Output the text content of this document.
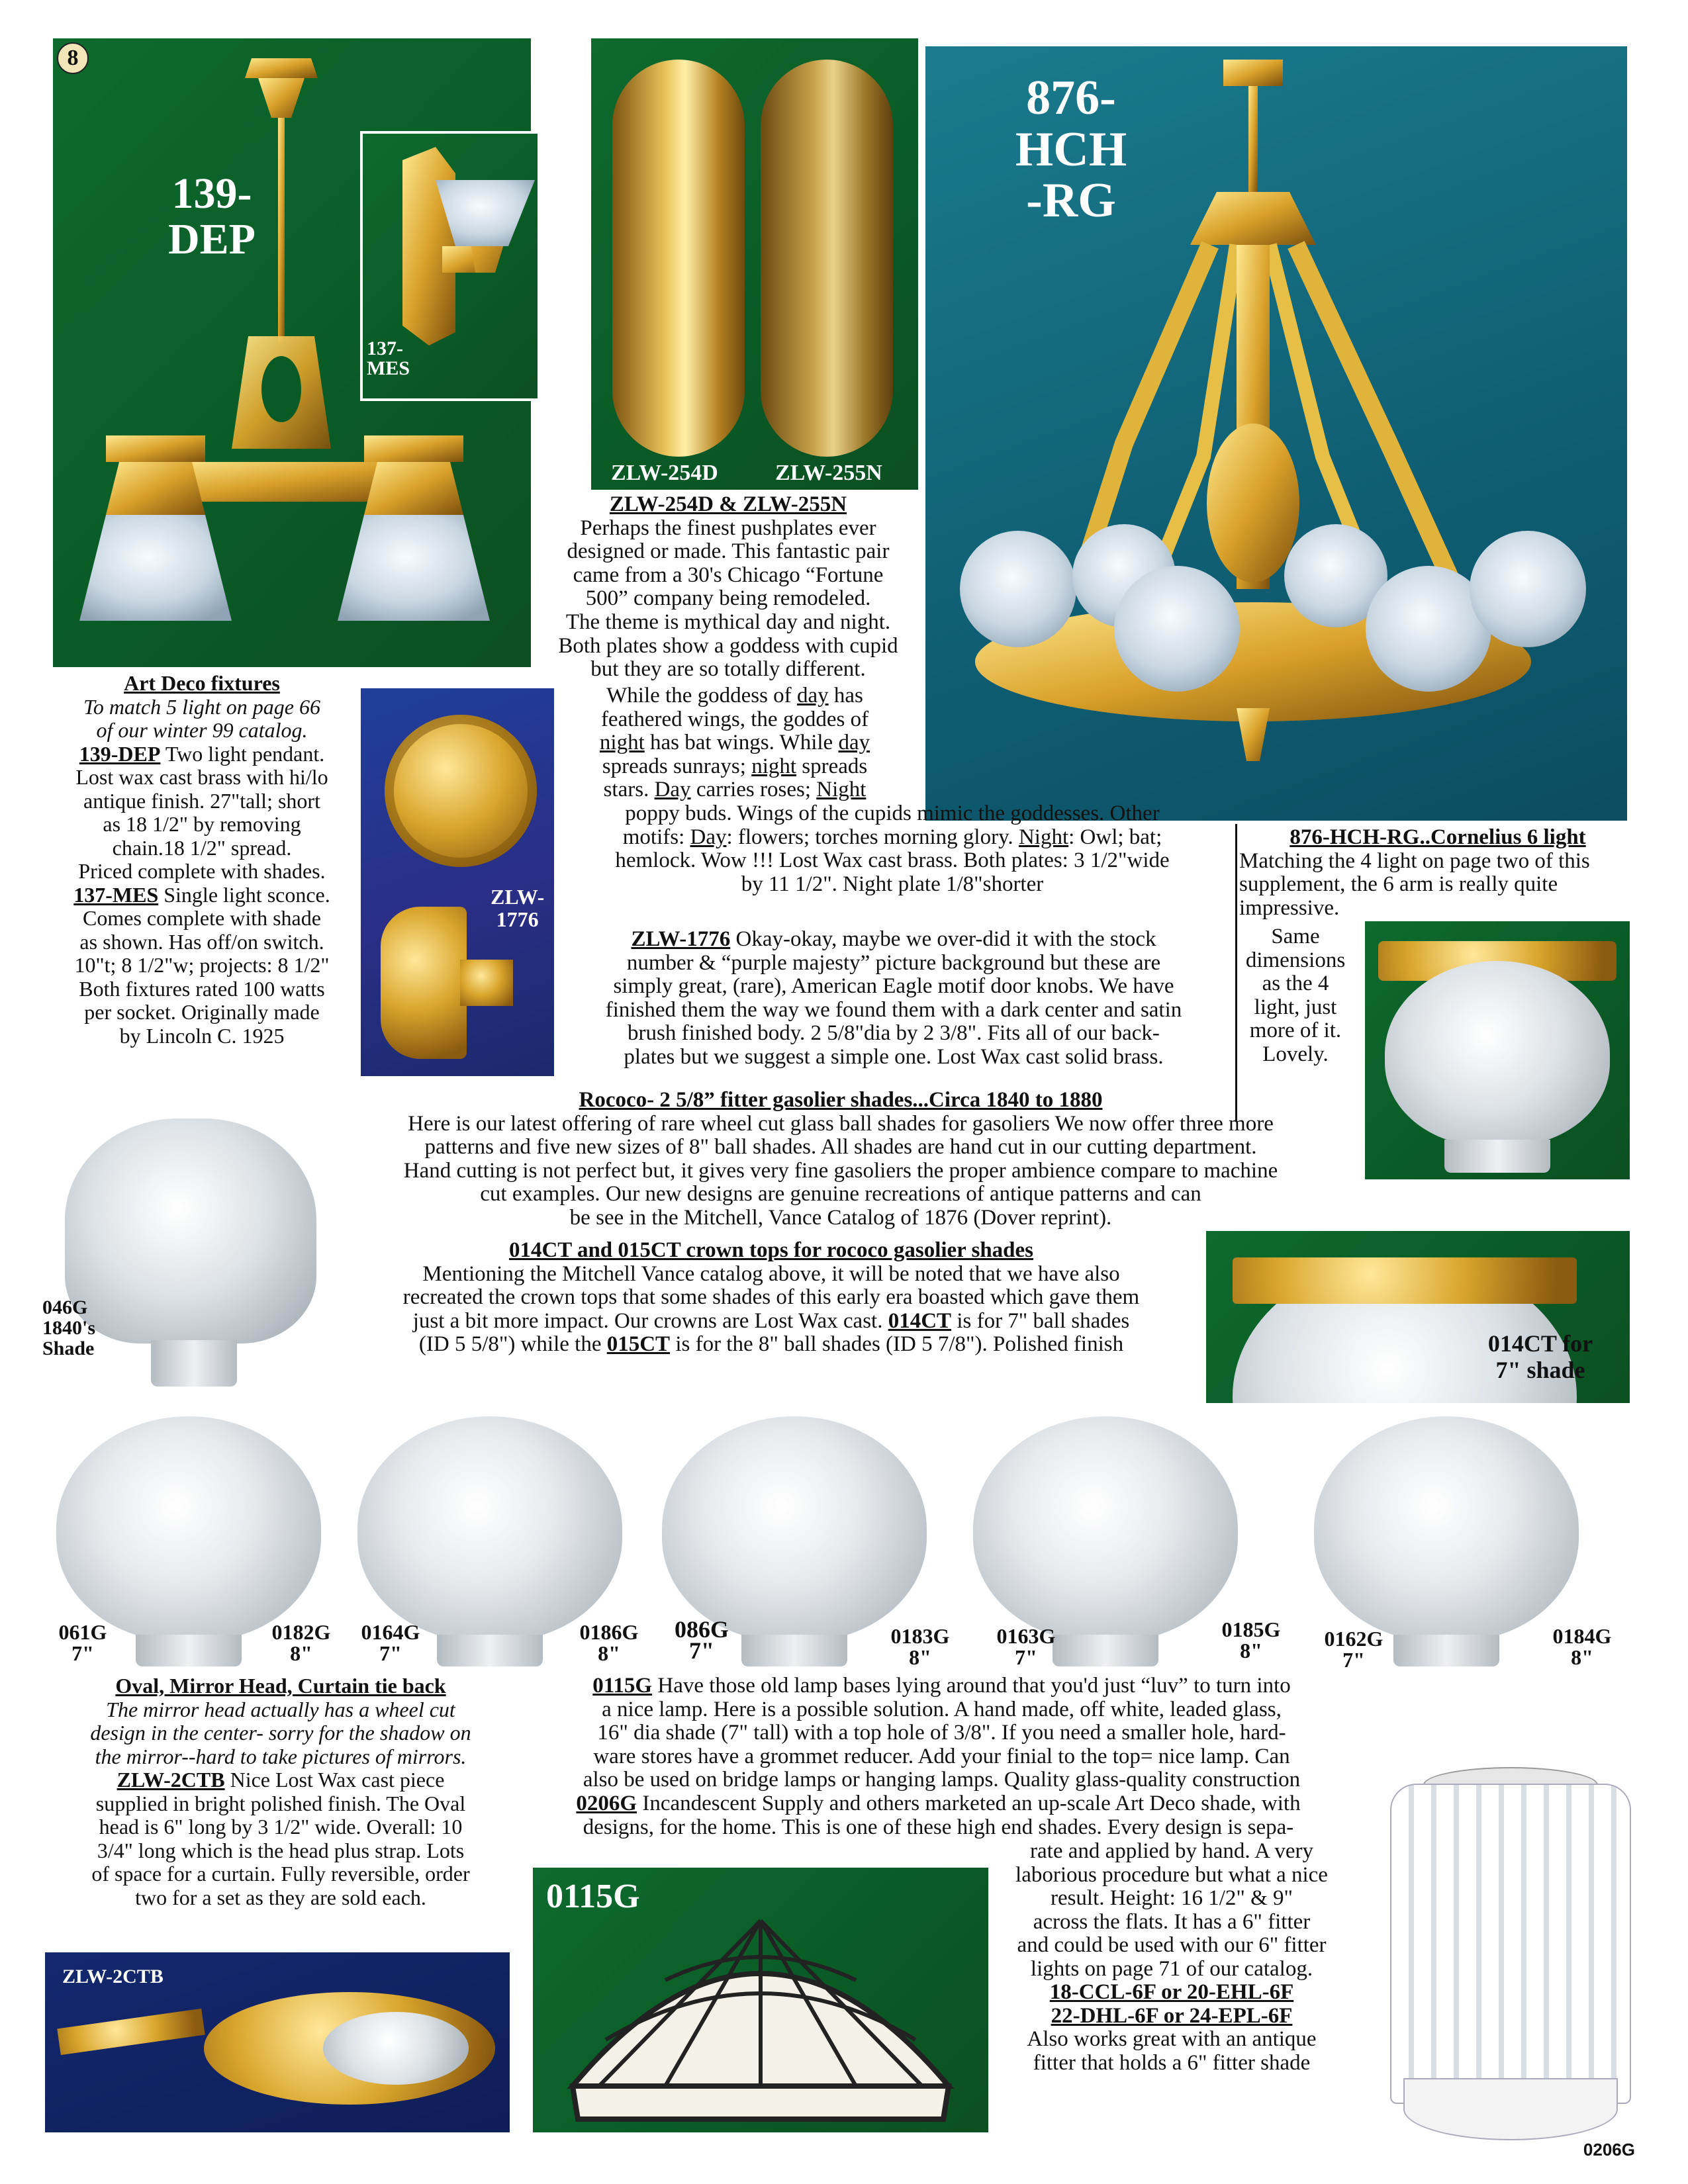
8
139-
DEP
137-
MES
ZLW-254D	ZLW-255N
876-
HCH
-RG
Art Deco fixtures
To match 5 light on page 66
of our winter 99 catalog.
139-DEP Two light pendant.
Lost wax cast brass with hi/lo
antique finish. 27"tall; short
as 18 1/2" by removing
chain.18 1/2" spread.
Priced complete with shades.
137-MES Single light sconce.
Comes complete with shade
as shown. Has off/on switch.
10"t; 8 1/2"w; projects: 8 1/2"
Both fixtures rated 100 watts
per socket. Originally made
by Lincoln C. 1925
ZLW-
1776
ZLW-254D & ZLW-255N
Perhaps the finest pushplates ever
designed or made. This fantastic pair
came from a 30's Chicago “Fortune
500” company being remodeled.
The theme is mythical day and night.
Both plates show a goddess with cupid
but they are so totally different.
While the goddess of day has
feathered wings, the goddes of
night has bat wings. While day
spreads sunrays; night spreads
stars. Day carries roses; Night
poppy buds. Wings of the cupids mimic the goddesses. Other
motifs: Day: flowers; torches morning glory. Night: Owl; bat;
hemlock. Wow !!! Lost Wax cast brass. Both plates: 3 1/2"wide
by 11 1/2". Night plate 1/8"shorter
ZLW-1776 Okay-okay, maybe we over-did it with the stock
number & “purple majesty” picture background but these are
simply great, (rare), American Eagle motif door knobs. We have
finished them the way we found them with a dark center and satin
brush finished body. 2 5/8"dia by 2 3/8". Fits all of our back-
plates but we suggest a simple one. Lost Wax cast solid brass.
876-HCH-RG..Cornelius 6 light
Matching the 4 light on page two of this
supplement, the 6 arm is really quite
impressive.
Same
dimensions
as the 4
light, just
more of it.
Lovely.
Rococo- 2 5/8” fitter gasolier shades...Circa 1840 to 1880
Here is our latest offering of rare wheel cut glass ball shades for gasoliers We now offer three more
patterns and five new sizes of 8" ball shades. All shades are hand cut in our cutting department.
Hand cutting is not perfect but, it gives very fine gasoliers the proper ambience compare to machine
cut examples. Our new designs are genuine recreations of antique patterns and can
be see in the Mitchell, Vance Catalog of 1876 (Dover reprint).
046G
1840's
Shade
014CT and 015CT crown tops for rococo gasolier shades
Mentioning the Mitchell Vance catalog above, it will be noted that we have also
recreated the crown tops that some shades of this early era boasted which gave them
just a bit more impact. Our crowns are Lost Wax cast. 014CT is for 7" ball shades
(ID 5 5/8") while the 015CT is for the 8" ball shades (ID 5 7/8"). Polished finish	014CT for
7" shade
061G
7"
0182G
8"
0164G
7"
0186G
8"
086G
7"
0183G
8"
0163G
7"
0185G
8"	0162G
7"
0184G
8"
Oval, Mirror Head, Curtain tie back
The mirror head actually has a wheel cut
design in the center- sorry for the shadow on
the mirror--hard to take pictures of mirrors.
ZLW-2CTB Nice Lost Wax cast piece
supplied in bright polished finish. The Oval
head is 6" long by 3 1/2" wide. Overall: 10
3/4" long which is the head plus strap. Lots
of space for a curtain. Fully reversible, order
two for a set as they are sold each.
ZLW-2CTB
0115G Have those old lamp bases lying around that you'd just “luv” to turn into
a nice lamp. Here is a possible solution. A hand made, off white, leaded glass,
16" dia shade (7" tall) with a top hole of 3/8". If you need a smaller hole, hard-
ware stores have a grommet reducer. Add your finial to the top= nice lamp. Can
also be used on bridge lamps or hanging lamps. Quality glass-quality construction
0206G Incandescent Supply and others marketed an up-scale Art Deco shade, with
designs, for the home. This is one of these high end shades. Every design is sepa-
rate and applied by hand. A very
laborious procedure but what a nice
result. Height: 16 1/2" & 9"
across the flats. It has a 6" fitter
and could be used with our 6" fitter
lights on page 71 of our catalog.
18-CCL-6F or 20-EHL-6F
22-DHL-6F or 24-EPL-6F
Also works great with an antique
fitter that holds a 6" fitter shade
0115G
0206G
